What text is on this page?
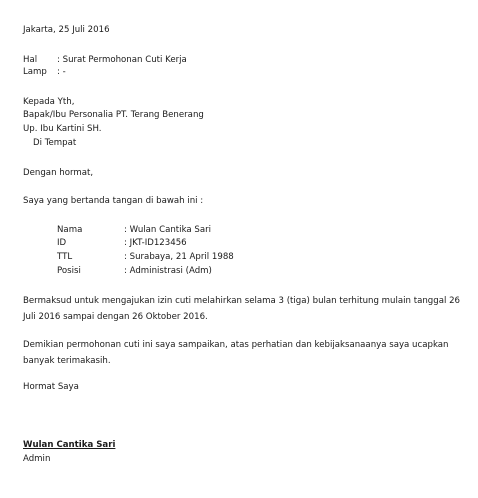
Jakarta, 25 Juli 2016
Hal : Surat Permohonan Cuti Kerja
Lamp : -
Kepada Yth,
Bapak/Ibu Personalia PT. Terang Benerang
Up. Ibu Kartini SH.
Di Tempat
Dengan hormat,
Saya yang bertanda tangan di bawah ini :
Nama	: Wulan Cantika Sari
ID	: JKT-ID123456
TTL	: Surabaya, 21 April 1988
Posisi	: Administrasi (Adm)
Bermaksud untuk mengajukan izin cuti melahirkan selama 3 (tiga) bulan terhitung mulain tanggal 26 Juli 2016 sampai dengan 26 Oktober 2016.
Demikian permohonan cuti ini saya sampaikan, atas perhatian dan kebijaksanaanya saya ucapkan banyak terimakasih.
Hormat Saya
Wulan Cantika Sari
Admin
